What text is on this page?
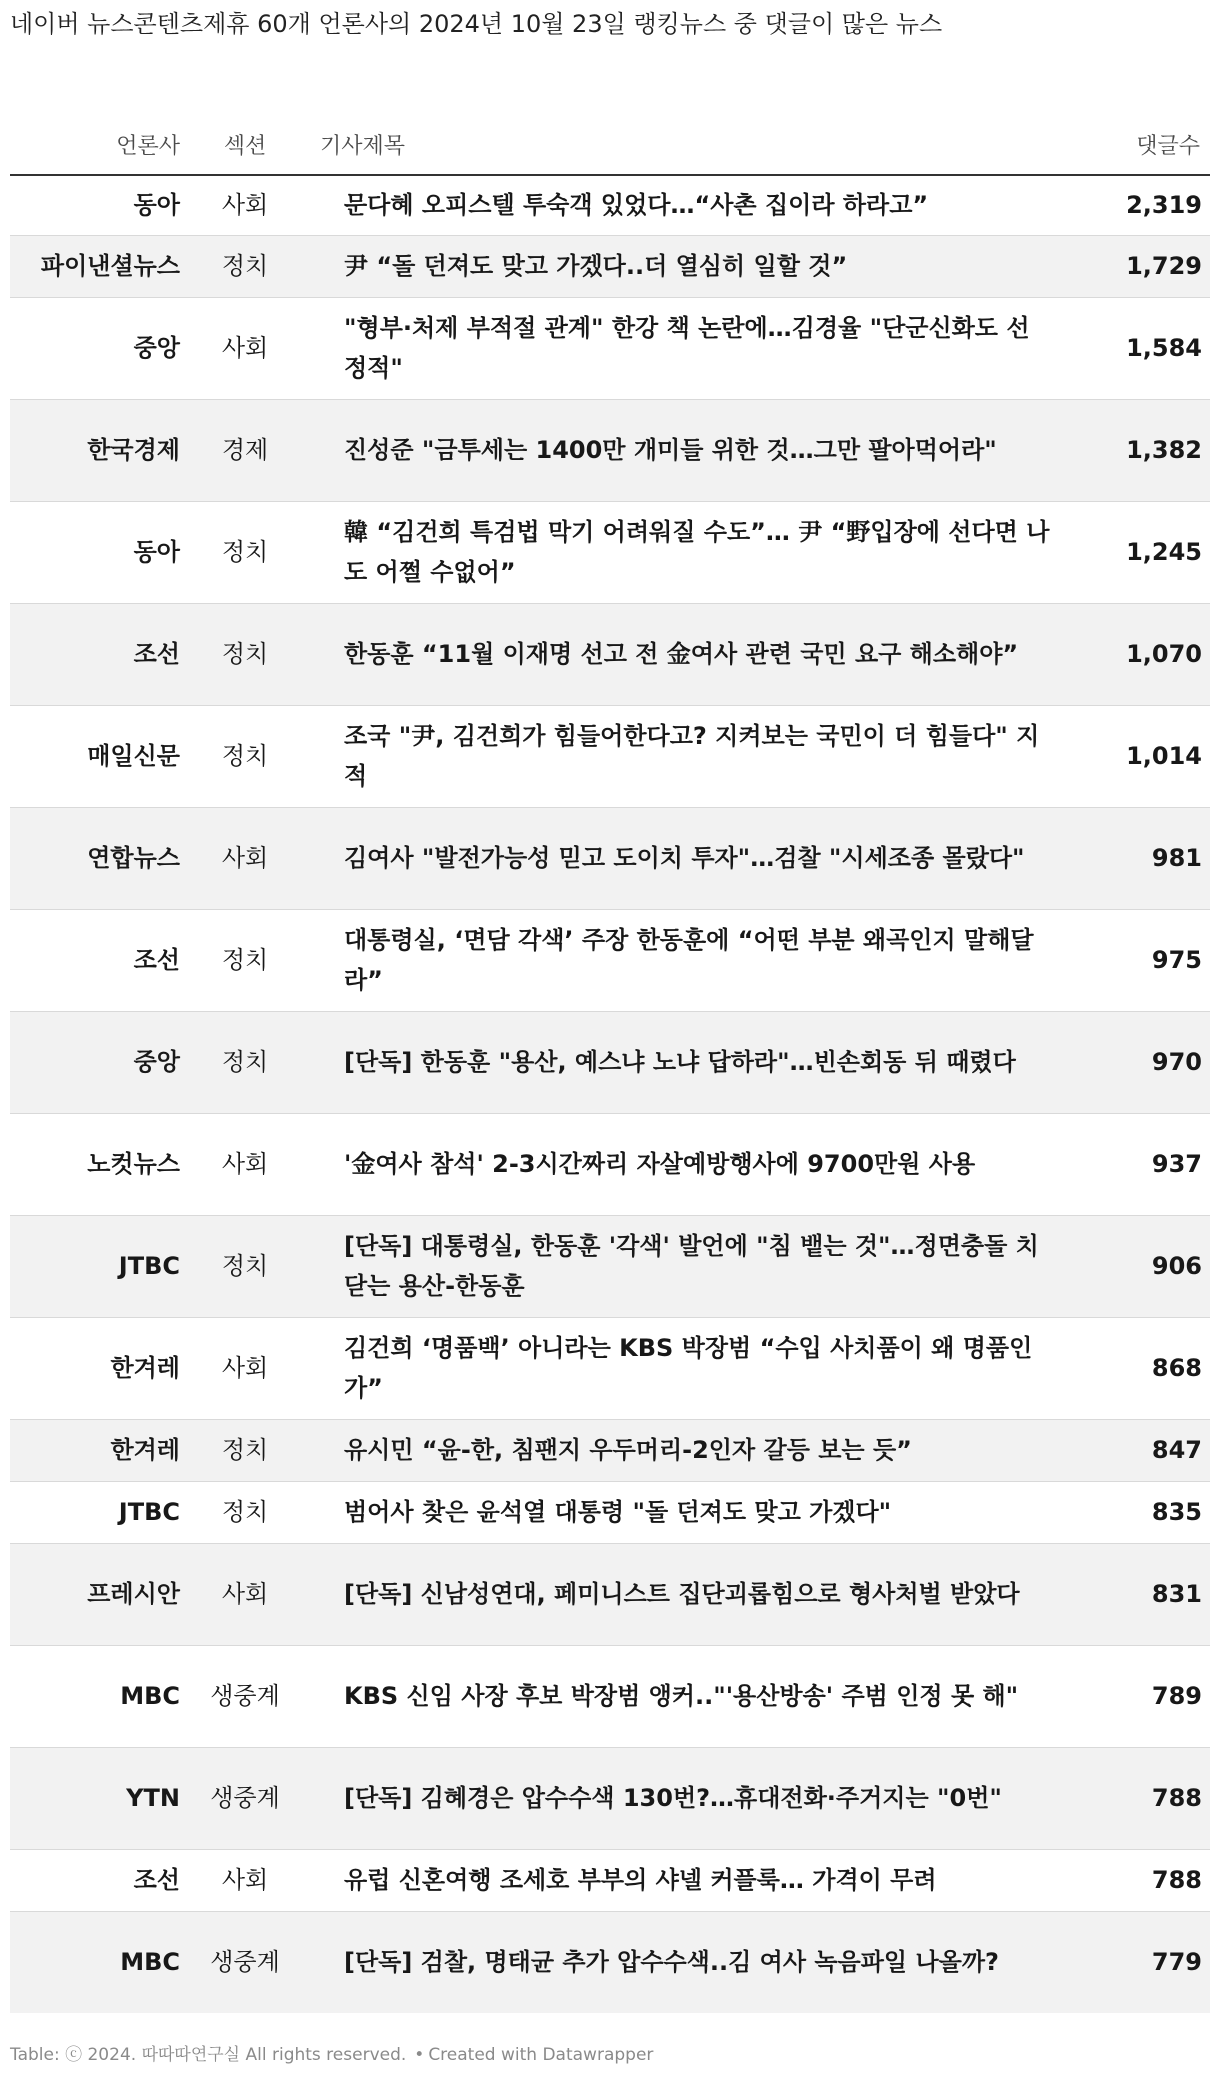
네이버 뉴스콘텐츠제휴 60개 언론사의 2024년 10월 23일 랭킹뉴스 중 댓글이 많은 뉴스
언론사	섹션	기사제목	댓글수
동아	사회	문다혜 오피스텔 투숙객 있었다…“사촌 집이라 하라고”	2,319
파이낸셜뉴스	정치	尹 “돌 던져도 맞고 가겠다..더 열심히 일할 것”	1,729
중앙	사회	"형부·처제 부적절 관계" 한강 책 논란에…김경율 "단군신화도 선정적"	1,584
한국경제	경제	진성준 "금투세는 1400만 개미들 위한 것…그만 팔아먹어라"	1,382
동아	정치	韓 “김건희 특검법 막기 어려워질 수도”… 尹 “野입장에 선다면 나도 어쩔 수없어”	1,245
조선	정치	한동훈 “11월 이재명 선고 전 金여사 관련 국민 요구 해소해야”	1,070
매일신문	정치	조국 "尹, 김건희가 힘들어한다고? 지켜보는 국민이 더 힘들다" 지적	1,014
연합뉴스	사회	김여사 "발전가능성 믿고 도이치 투자"…검찰 "시세조종 몰랐다"	981
조선	정치	대통령실, ‘면담 각색’ 주장 한동훈에 “어떤 부분 왜곡인지 말해달라”	975
중앙	정치	[단독] 한동훈 "용산, 예스냐 노냐 답하라"…빈손회동 뒤 때렸다	970
노컷뉴스	사회	'金여사 참석' 2-3시간짜리 자살예방행사에 9700만원 사용	937
JTBC	정치	[단독] 대통령실, 한동훈 '각색' 발언에 "침 뱉는 것"…정면충돌 치닫는 용산-한동훈	906
한겨레	사회	김건희 ‘명품백’ 아니라는 KBS 박장범 “수입 사치품이 왜 명품인가”	868
한겨레	정치	유시민 “윤-한, 침팬지 우두머리-2인자 갈등 보는 듯”	847
JTBC	정치	범어사 찾은 윤석열 대통령 "돌 던져도 맞고 가겠다"	835
프레시안	사회	[단독] 신남성연대, 페미니스트 집단괴롭힘으로 형사처벌 받았다	831
MBC	생중계	KBS 신임 사장 후보 박장범 앵커.."'용산방송' 주범 인정 못 해"	789
YTN	생중계	[단독] 김혜경은 압수수색 130번?…휴대전화·주거지는 "0번"	788
조선	사회	유럽 신혼여행 조세호 부부의 샤넬 커플룩… 가격이 무려	788
MBC	생중계	[단독] 검찰, 명태균 추가 압수수색..김 여사 녹음파일 나올까?	779
Table: ⓒ 2024. 따따따연구실 All rights reserved. • Created with Datawrapper
